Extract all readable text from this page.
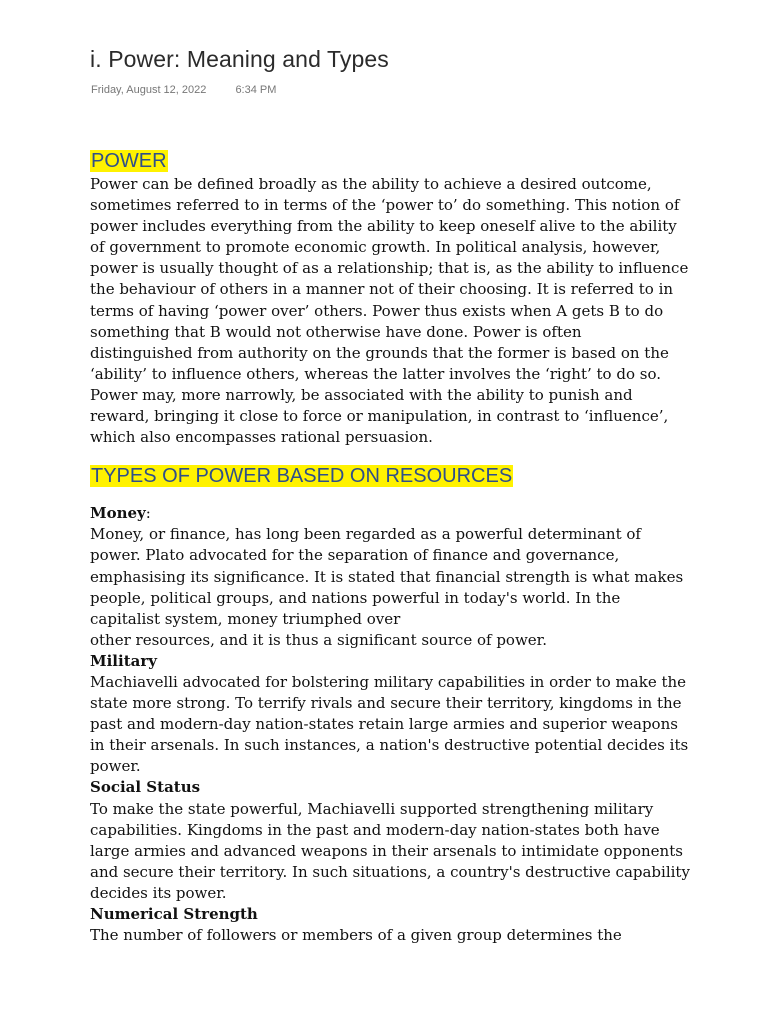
i. Power: Meaning and Types
Friday, August 12, 2022	6:34 PM
POWER

Power can be defined broadly as the ability to achieve a desired outcome,
sometimes referred to in terms of the ‘power to’ do something. This notion of
power includes everything from the ability to keep oneself alive to the ability
of government to promote economic growth. In political analysis, however,
power is usually thought of as a relationship; that is, as the ability to influence
the behaviour of others in a manner not of their choosing. It is referred to in
terms of having ‘power over’ others. Power thus exists when A gets B to do
something that B would not otherwise have done. Power is often
distinguished from authority on the grounds that the former is based on the
‘ability’ to influence others, whereas the latter involves the ‘right’ to do so.
Power may, more narrowly, be associated with the ability to punish and
reward, bringing it close to force or manipulation, in contrast to ‘influence’,
which also encompasses rational persuasion.

TYPES OF POWER BASED ON RESOURCES
Money:
Money, or finance, has long been regarded as a powerful determinant of
power. Plato advocated for the separation of finance and governance,
emphasising its significance. It is stated that financial strength is what makes
people, political groups, and nations powerful in today's world. In the
capitalist system, money triumphed over
other resources, and it is thus a significant source of power.
Military
Machiavelli advocated for bolstering military capabilities in order to make the
state more strong. To terrify rivals and secure their territory, kingdoms in the
past and modern-day nation-states retain large armies and superior weapons
in their arsenals. In such instances, a nation's destructive potential decides its
power.
Social Status
To make the state powerful, Machiavelli supported strengthening military
capabilities. Kingdoms in the past and modern-day nation-states both have
large armies and advanced weapons in their arsenals to intimidate opponents
and secure their territory. In such situations, a country's destructive capability
decides its power.
Numerical Strength
The number of followers or members of a given group determines the
